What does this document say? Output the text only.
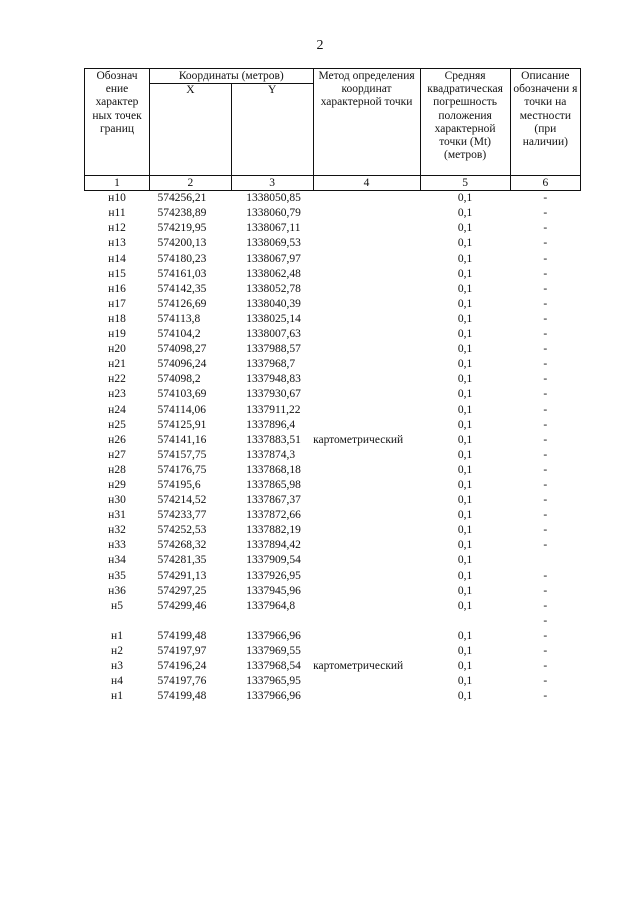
2
Обознач ение характер ных точек границ	Координаты (метров)		Метод определения координат характерной точки	Средняя квадратическая погрешность положения характерной точки (Mt) (метров)	Описание обозначени я точки на местности (при наличии)
	X	Y			
1	2	3	4	5	6
н10	574256,21	1338050,85		0,1	-
н11	574238,89	1338060,79		0,1	-
н12	574219,95	1338067,11		0,1	-
н13	574200,13	1338069,53		0,1	-
н14	574180,23	1338067,97		0,1	-
н15	574161,03	1338062,48		0,1	-
н16	574142,35	1338052,78		0,1	-
н17	574126,69	1338040,39		0,1	-
н18	574113,8	1338025,14		0,1	-
н19	574104,2	1338007,63		0,1	-
н20	574098,27	1337988,57		0,1	-
н21	574096,24	1337968,7		0,1	-
н22	574098,2	1337948,83		0,1	-
н23	574103,69	1337930,67		0,1	-
н24	574114,06	1337911,22		0,1	-
н25	574125,91	1337896,4		0,1	-
н26	574141,16	1337883,51	картометрический	0,1	-
н27	574157,75	1337874,3		0,1	-
н28	574176,75	1337868,18		0,1	-
н29	574195,6	1337865,98		0,1	-
н30	574214,52	1337867,37		0,1	-
н31	574233,77	1337872,66		0,1	-
н32	574252,53	1337882,19		0,1	-
н33	574268,32	1337894,42		0,1	-
н34	574281,35	1337909,54		0,1	
н35	574291,13	1337926,95		0,1	-
н36	574297,25	1337945,96		0,1	-
н5	574299,46	1337964,8		0,1	-
					-
н1	574199,48	1337966,96		0,1	-
н2	574197,97	1337969,55		0,1	-
н3	574196,24	1337968,54	картометрический	0,1	-
н4	574197,76	1337965,95		0,1	-
н1	574199,48	1337966,96		0,1	-
